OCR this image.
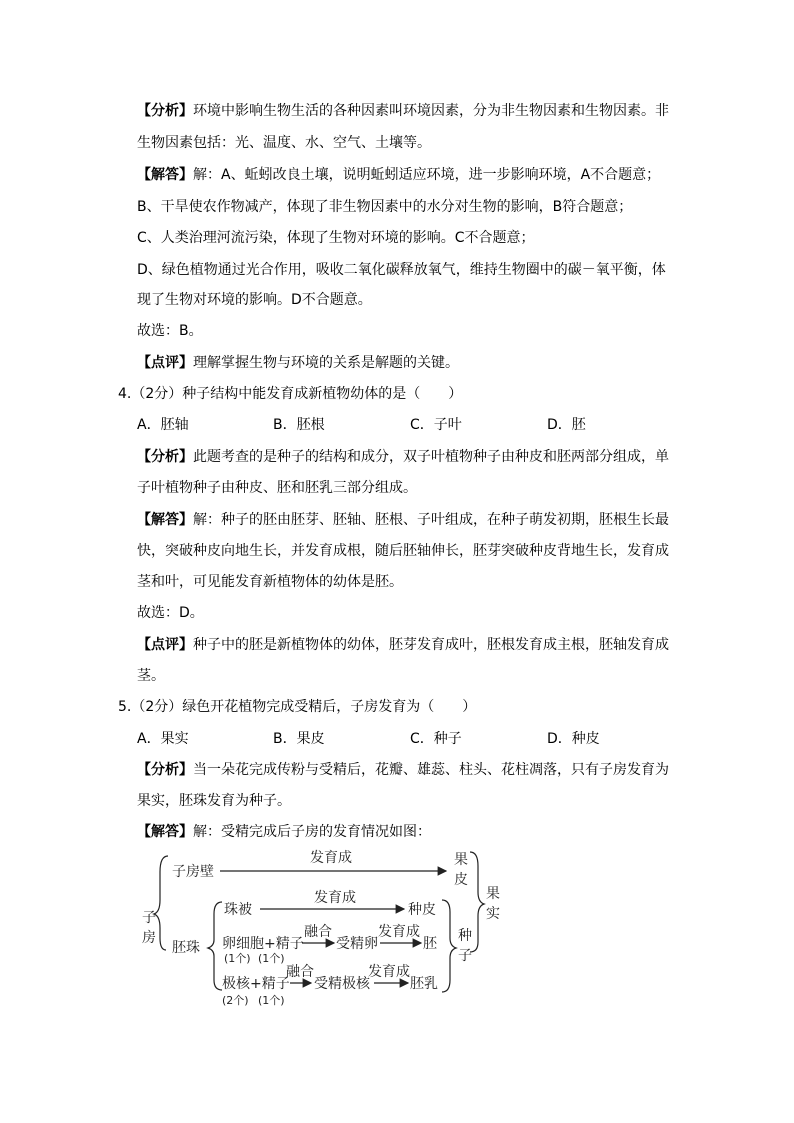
【分析】环境中影响生物生活的各种因素叫环境因素，分为非生物因素和生物因素。非
生物因素包括：光、温度、水、空气、土壤等。
【解答】解：A、蚯蚓改良土壤，说明蚯蚓适应环境，进一步影响环境，A不合题意；
B、干旱使农作物减产，体现了非生物因素中的水分对生物的影响，B符合题意；
C、人类治理河流污染，体现了生物对环境的影响。C不合题意；
D、绿色植物通过光合作用，吸收二氧化碳释放氧气，维持生物圈中的碳－氧平衡，体
现了生物对环境的影响。D不合题意。
故选：B。
【点评】理解掌握生物与环境的关系是解题的关键。
4.（2分）种子结构中能发育成新植物幼体的是（　　）
A．胚轴	B．胚根	C．子叶	D．胚
【分析】此题考查的是种子的结构和成分，双子叶植物种子由种皮和胚两部分组成，单
子叶植物种子由种皮、胚和胚乳三部分组成。
【解答】解：种子的胚由胚芽、胚轴、胚根、子叶组成，在种子萌发初期，胚根生长最
快，突破种皮向地生长，并发育成根，随后胚轴伸长，胚芽突破种皮背地生长，发育成
茎和叶，可见能发育新植物体的幼体是胚。
故选：D。
【点评】种子中的胚是新植物体的幼体，胚芽发育成叶，胚根发育成主根，胚轴发育成
茎。
5.（2分）绿色开花植物完成受精后，子房发育为（　　）
A．果实	B．果皮	C．种子	D．种皮
【分析】当一朵花完成传粉与受精后，花瓣、雄蕊、柱头、花柱凋落，只有子房发育为
果实，胚珠发育为种子。
【解答】解：受精完成后子房的发育情况如图：
子
房
子房壁
发育成	果
皮
胚珠
珠被
发育成
种皮
卵细胞+精子
(1个) (1个)
融合
受精卵
发育成
胚
极核+精子
(2个) (1个)
融合
受精极核
发育成
胚乳
种
子
果
实
